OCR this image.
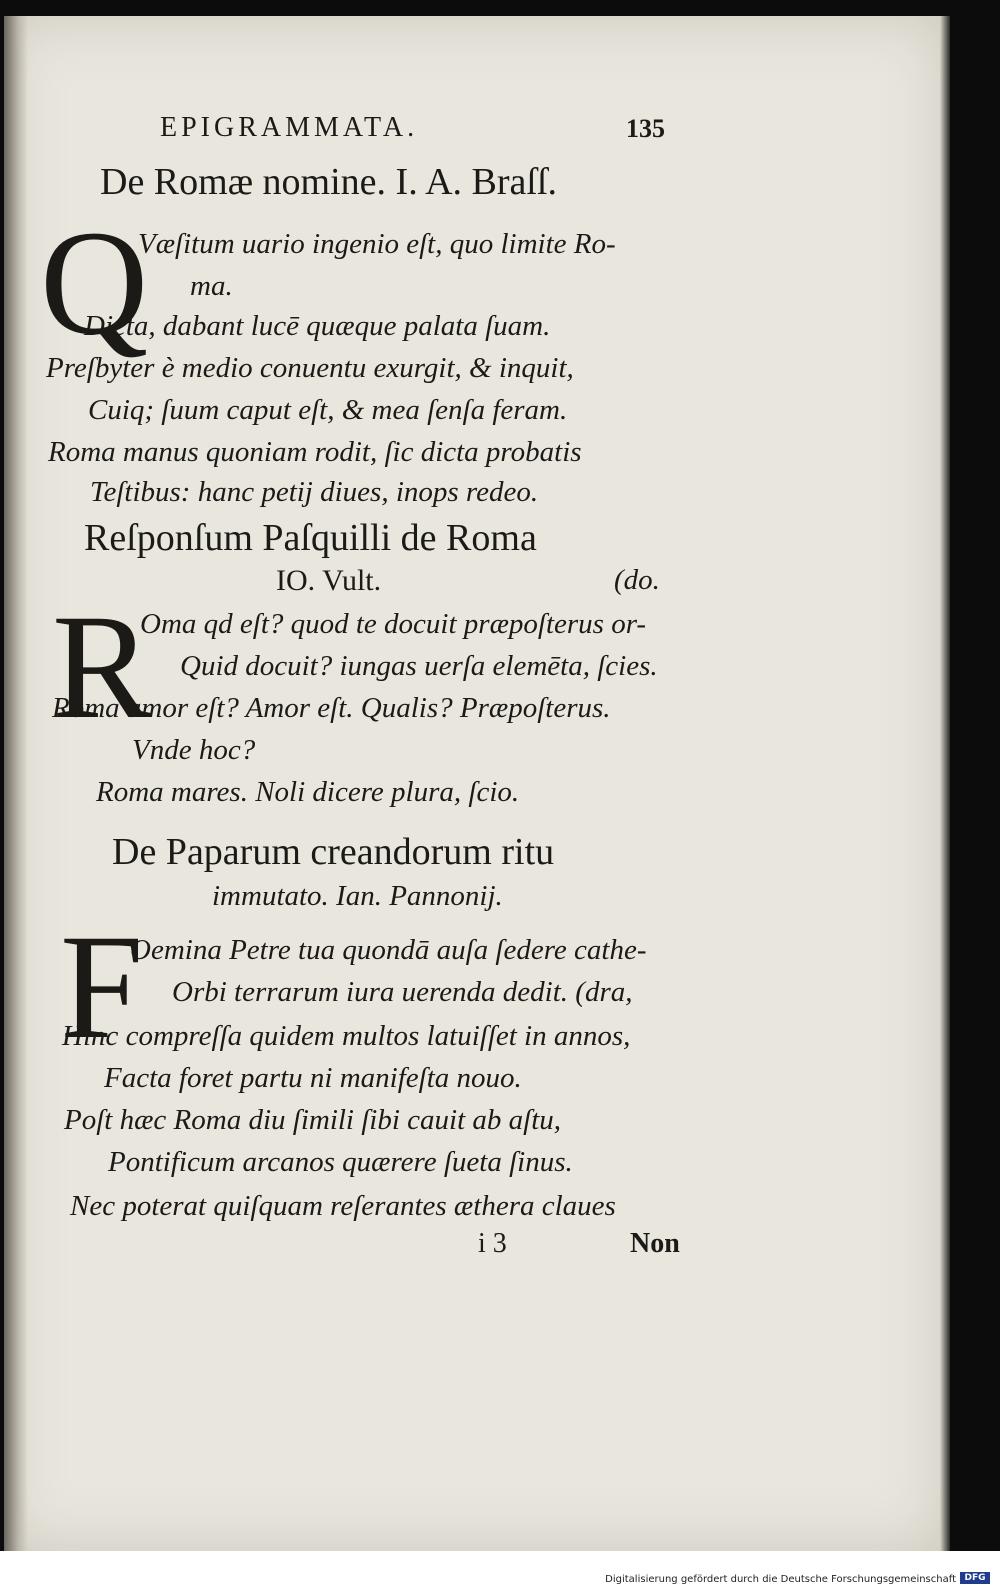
EPIGRAMMATA.	135
De Romæ nomine. I. A. Braſſ.
Q
Væſitum uario ingenio eſt, quo limite Ro-
ma.
Dicta, dabant lucē quæque palata ſuam.
Preſbyter è medio conuentu exurgit, & inquit,
Cuiq; ſuum caput eſt, & mea ſenſa feram.
Roma manus quoniam rodit, ſic dicta probatis
Teſtibus: hanc petij diues, inops redeo.
Reſponſum Paſquilli de Roma
IO. Vult.	(do.
R
Oma qd eſt? quod te docuit præpoſterus or-
Quid docuit? iungas uerſa elemēta, ſcies.
Roma amor eſt? Amor eſt. Qualis? Præpoſterus.
Vnde hoc?
Roma mares. Noli dicere plura, ſcio.
De Paparum creandorum ritu
immutato. Ian. Pannonij.
F
Oemina Petre tua quondā auſa ſedere cathe-
Orbi terrarum iura uerenda dedit. (dra,
Hinc compreſſa quidem multos latuiſſet in annos,
Facta foret partu ni manifeſta nouo.
Poſt hæc Roma diu ſimili ſibi cauit ab aſtu,
Pontificum arcanos quærere ſueta ſinus.
Nec poterat quiſquam reſerantes æthera claues
i 3	Non
Digitalisierung gefördert durch die Deutsche Forschungsgemeinschaft DFG
